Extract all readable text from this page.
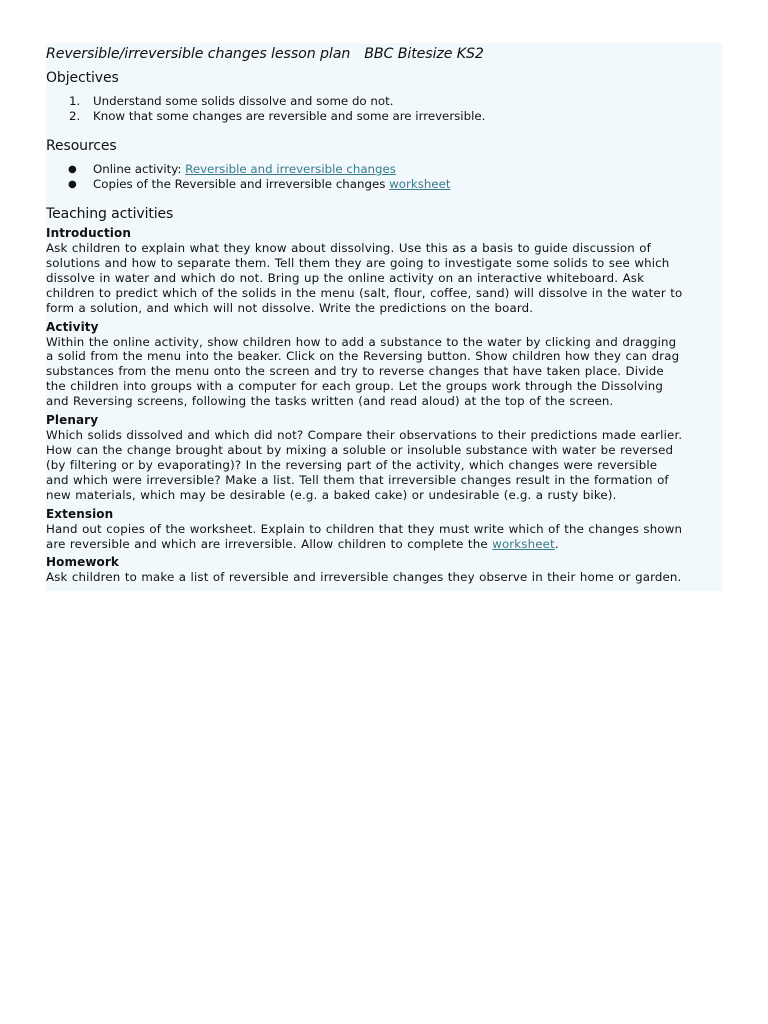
Reversible/irreversible changes lesson plan BBC Bitesize KS2
Objectives
1. Understand some solids dissolve and some do not.
2. Know that some changes are reversible and some are irreversible.
Resources
● Online activity: Reversible and irreversible changes
● Copies of the Reversible and irreversible changes worksheet
Teaching activities
Introduction

Ask children to explain what they know about dissolving. Use this as a basis to guide discussion of
solutions and how to separate them. Tell them they are going to investigate some solids to see which
dissolve in water and which do not. Bring up the online activity on an interactive whiteboard. Ask
children to predict which of the solids in the menu (salt, flour, coffee, sand) will dissolve in the water to
form a solution, and which will not dissolve. Write the predictions on the board.

Activity

Within the online activity, show children how to add a substance to the water by clicking and dragging
a solid from the menu into the beaker. Click on the Reversing button. Show children how they can drag
substances from the menu onto the screen and try to reverse changes that have taken place. Divide
the children into groups with a computer for each group. Let the groups work through the Dissolving
and Reversing screens, following the tasks written (and read aloud) at the top of the screen.

Plenary

Which solids dissolved and which did not? Compare their observations to their predictions made earlier.
How can the change brought about by mixing a soluble or insoluble substance with water be reversed
(by filtering or by evaporating)? In the reversing part of the activity, which changes were reversible
and which were irreversible? Make a list. Tell them that irreversible changes result in the formation of
new materials, which may be desirable (e.g. a baked cake) or undesirable (e.g. a rusty bike).

Extension

Hand out copies of the worksheet. Explain to children that they must write which of the changes shown
are reversible and which are irreversible. Allow children to complete the worksheet.

Homework

Ask children to make a list of reversible and irreversible changes they observe in their home or garden.
